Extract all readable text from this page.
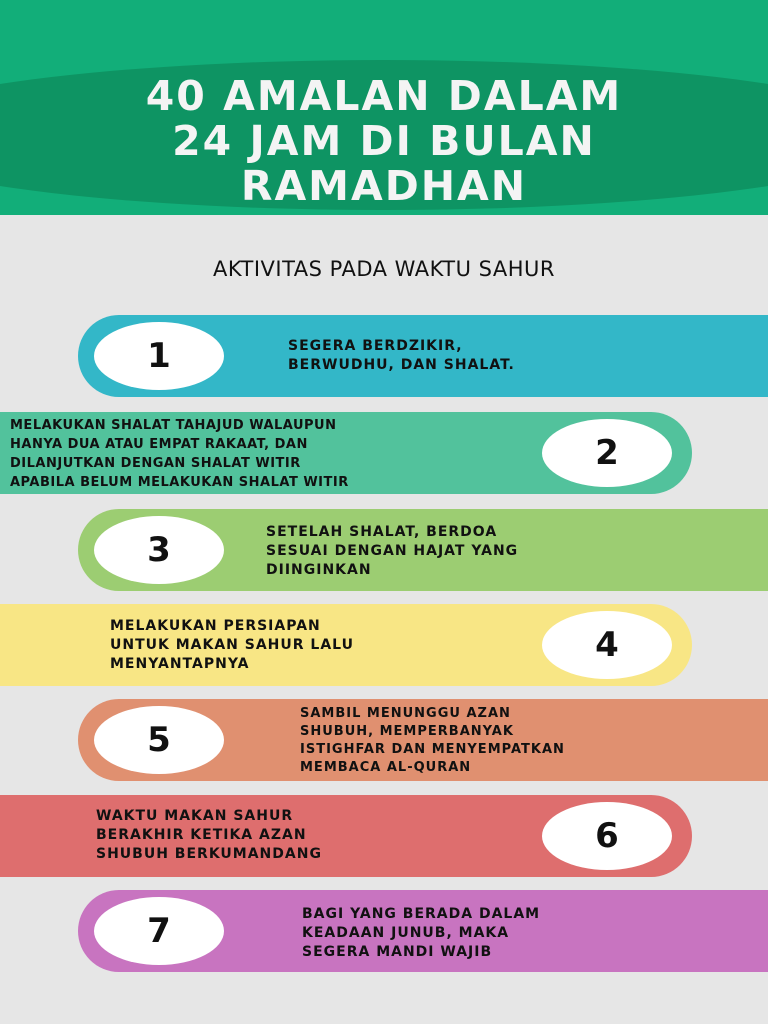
40 AMALAN DALAM
24 JAM DI BULAN
RAMADHAN
AKTIVITAS PADA WAKTU SAHUR
1	SEGERA BERDZIKIR,
BERWUDHU, DAN SHALAT.
2
MELAKUKAN SHALAT TAHAJUD WALAUPUN
HANYA DUA ATAU EMPAT RAKAAT, DAN
DILANJUTKAN DENGAN SHALAT WITIR
APABILA BELUM MELAKUKAN SHALAT WITIR
3	SETELAH SHALAT, BERDOA
SESUAI DENGAN HAJAT YANG
DIINGINKAN
4
MELAKUKAN PERSIAPAN
UNTUK MAKAN SAHUR LALU
MENYANTAPNYA
5
SAMBIL MENUNGGU AZAN
SHUBUH, MEMPERBANYAK
ISTIGHFAR DAN MENYEMPATKAN
MEMBACA AL-QURAN
6
WAKTU MAKAN SAHUR
BERAKHIR KETIKA AZAN
SHUBUH BERKUMANDANG
7	BAGI YANG BERADA DALAM
KEADAAN JUNUB, MAKA
SEGERA MANDI WAJIB
